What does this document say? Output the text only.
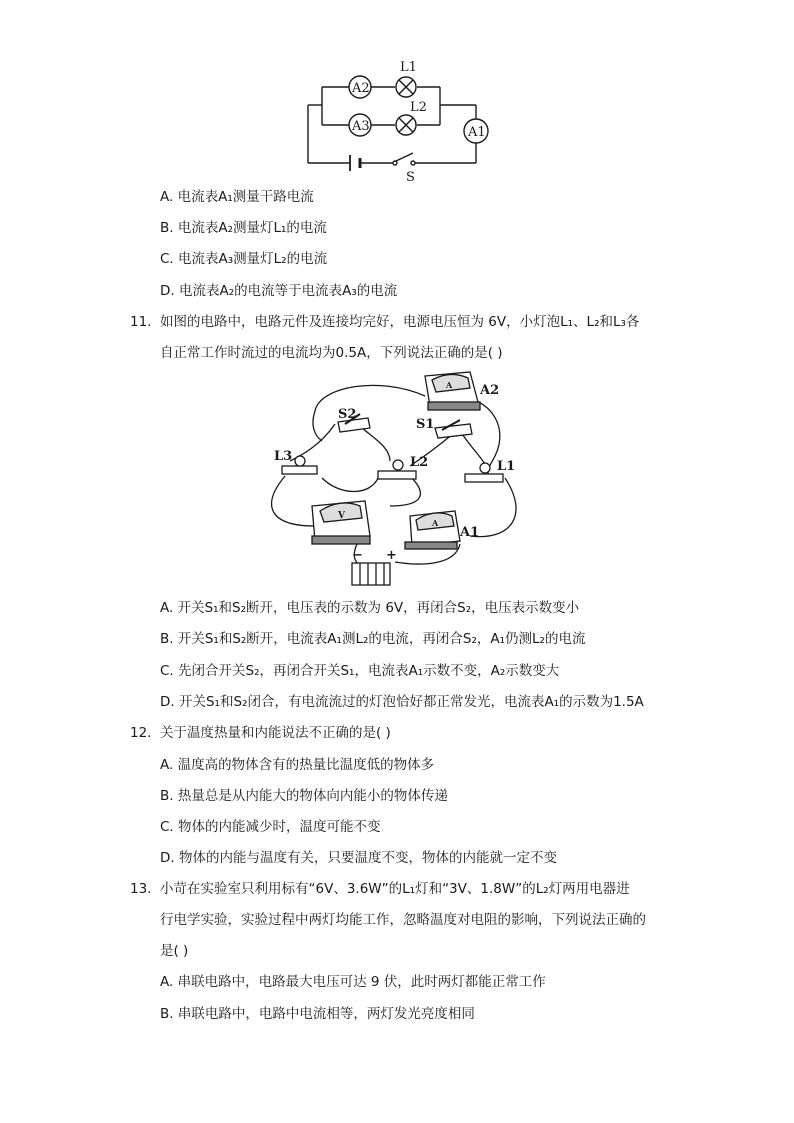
A2
A3	A1
L1
L2
S
A. 电流表A₁测量干路电流
B. 电流表A₂测量灯L₁的电流
C. 电流表A₃测量灯L₂的电流
D. 电流表A₂的电流等于电流表A₃的电流
11. 如图的电路中，电路元件及连接均完好，电源电压恒为 6V，小灯泡L₁、L₂和L₃各
自正常工作时流过的电流均为0.5A，下列说法正确的是( )
A2
S2
S1
L3	L2	L1
A1
V
A
A
− +
A. 开关S₁和S₂断开，电压表的示数为 6V，再闭合S₂，电压表示数变小
B. 开关S₁和S₂断开，电流表A₁测L₂的电流，再闭合S₂，A₁仍测L₂的电流
C. 先闭合开关S₂，再闭合开关S₁，电流表A₁示数不变，A₂示数变大
D. 开关S₁和S₂闭合，有电流流过的灯泡恰好都正常发光，电流表A₁的示数为1.5A
12. 关于温度热量和内能说法不正确的是( )
A. 温度高的物体含有的热量比温度低的物体多
B. 热量总是从内能大的物体向内能小的物体传递
C. 物体的内能减少时，温度可能不变
D. 物体的内能与温度有关，只要温度不变，物体的内能就一定不变
13. 小苛在实验室只利用标有“6V、3.6W”的L₁灯和“3V、1.8W”的L₂灯两用电器进
行电学实验，实验过程中两灯均能工作，忽略温度对电阻的影响，下列说法正确的
是( )
A. 串联电路中，电路最大电压可达 9 伏，此时两灯都能正常工作
B. 串联电路中，电路中电流相等，两灯发光亮度相同
